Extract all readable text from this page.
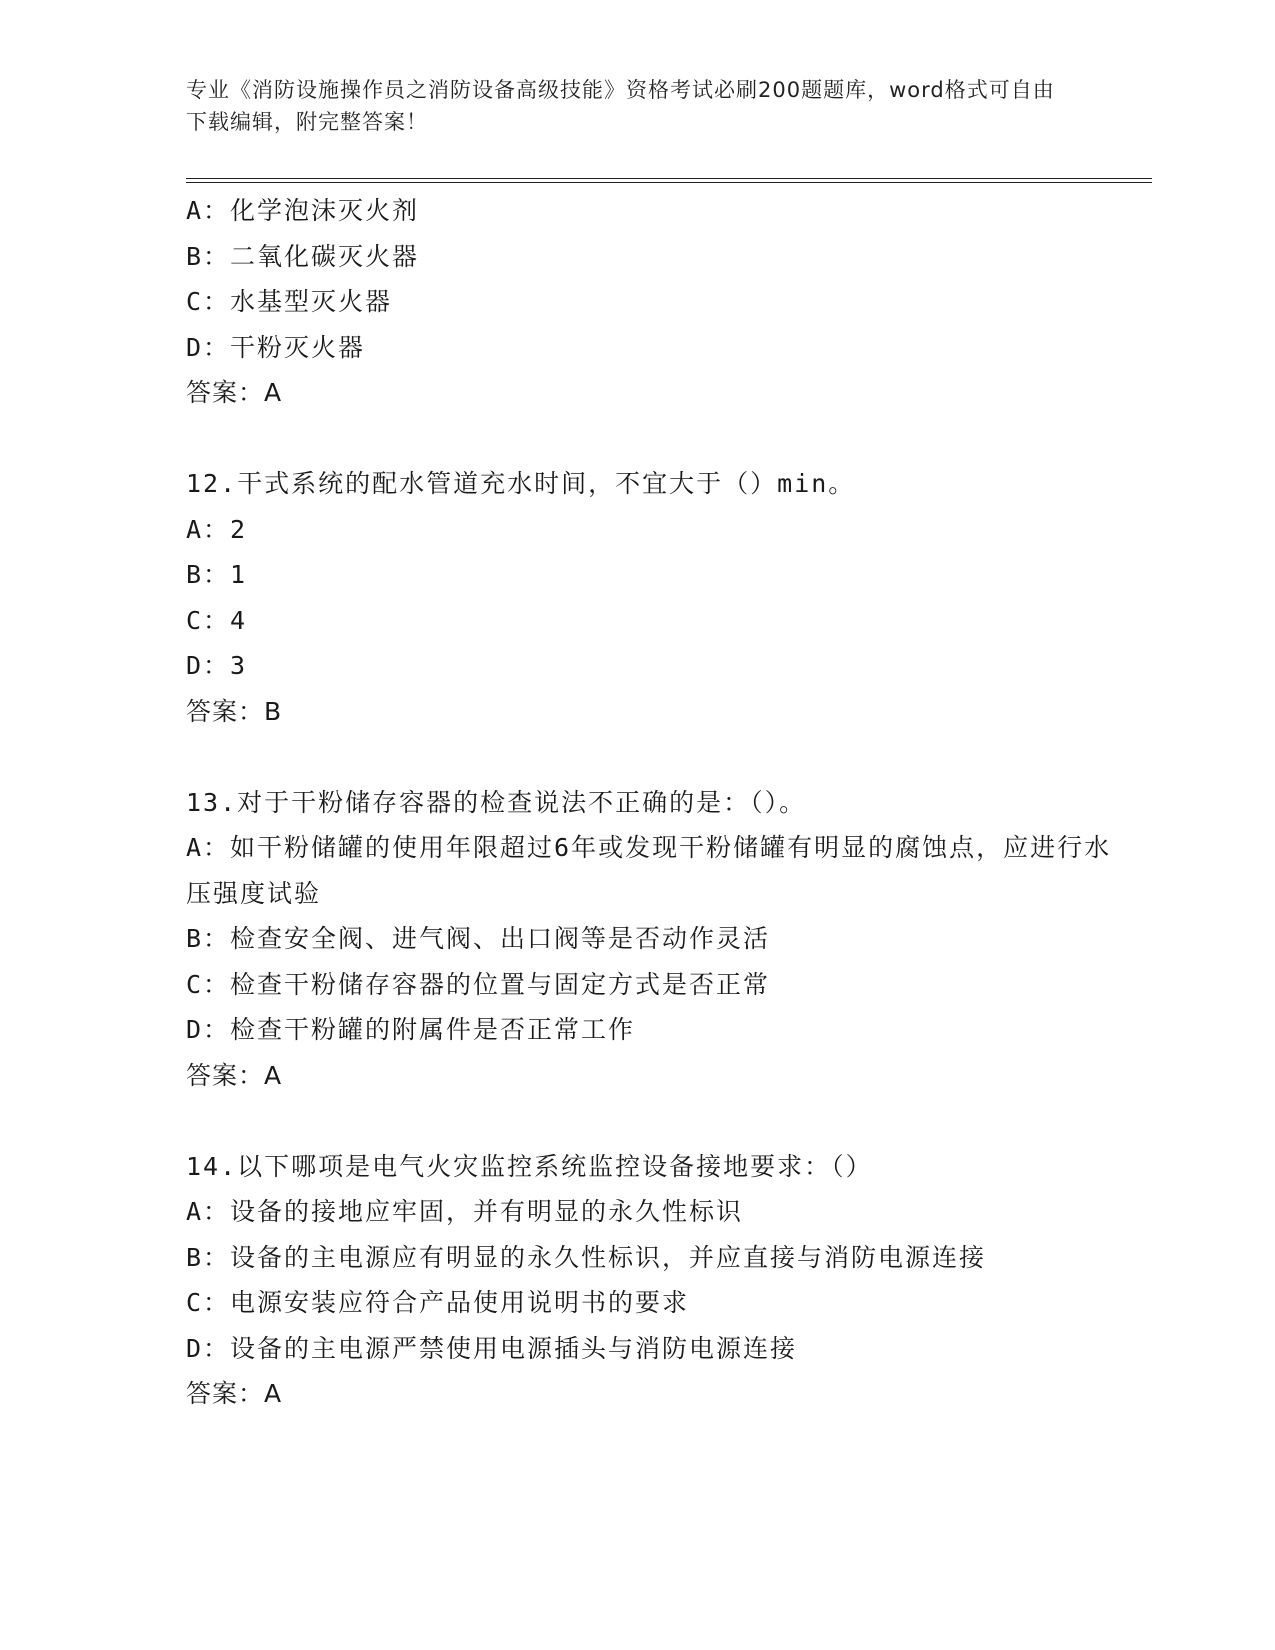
专业《消防设施操作员之消防设备高级技能》资格考试必刷200题题库，word格式可自由下载编辑，附完整答案！
A：化学泡沫灭火剂
B：二氧化碳灭火器
C：水基型灭火器
D：干粉灭火器
答案：A
12.干式系统的配水管道充水时间，不宜大于（）min。
A：2
B：1
C：4
D：3
答案：B
13.对于干粉储存容器的检查说法不正确的是：（）。
A：如干粉储罐的使用年限超过6年或发现干粉储罐有明显的腐蚀点，应进行水压强度试验
B：检查安全阀、进气阀、出口阀等是否动作灵活
C：检查干粉储存容器的位置与固定方式是否正常
D：检查干粉罐的附属件是否正常工作
答案：A
14.以下哪项是电气火灾监控系统监控设备接地要求：（）
A：设备的接地应牢固，并有明显的永久性标识
B：设备的主电源应有明显的永久性标识，并应直接与消防电源连接
C：电源安装应符合产品使用说明书的要求
D：设备的主电源严禁使用电源插头与消防电源连接
答案：A
